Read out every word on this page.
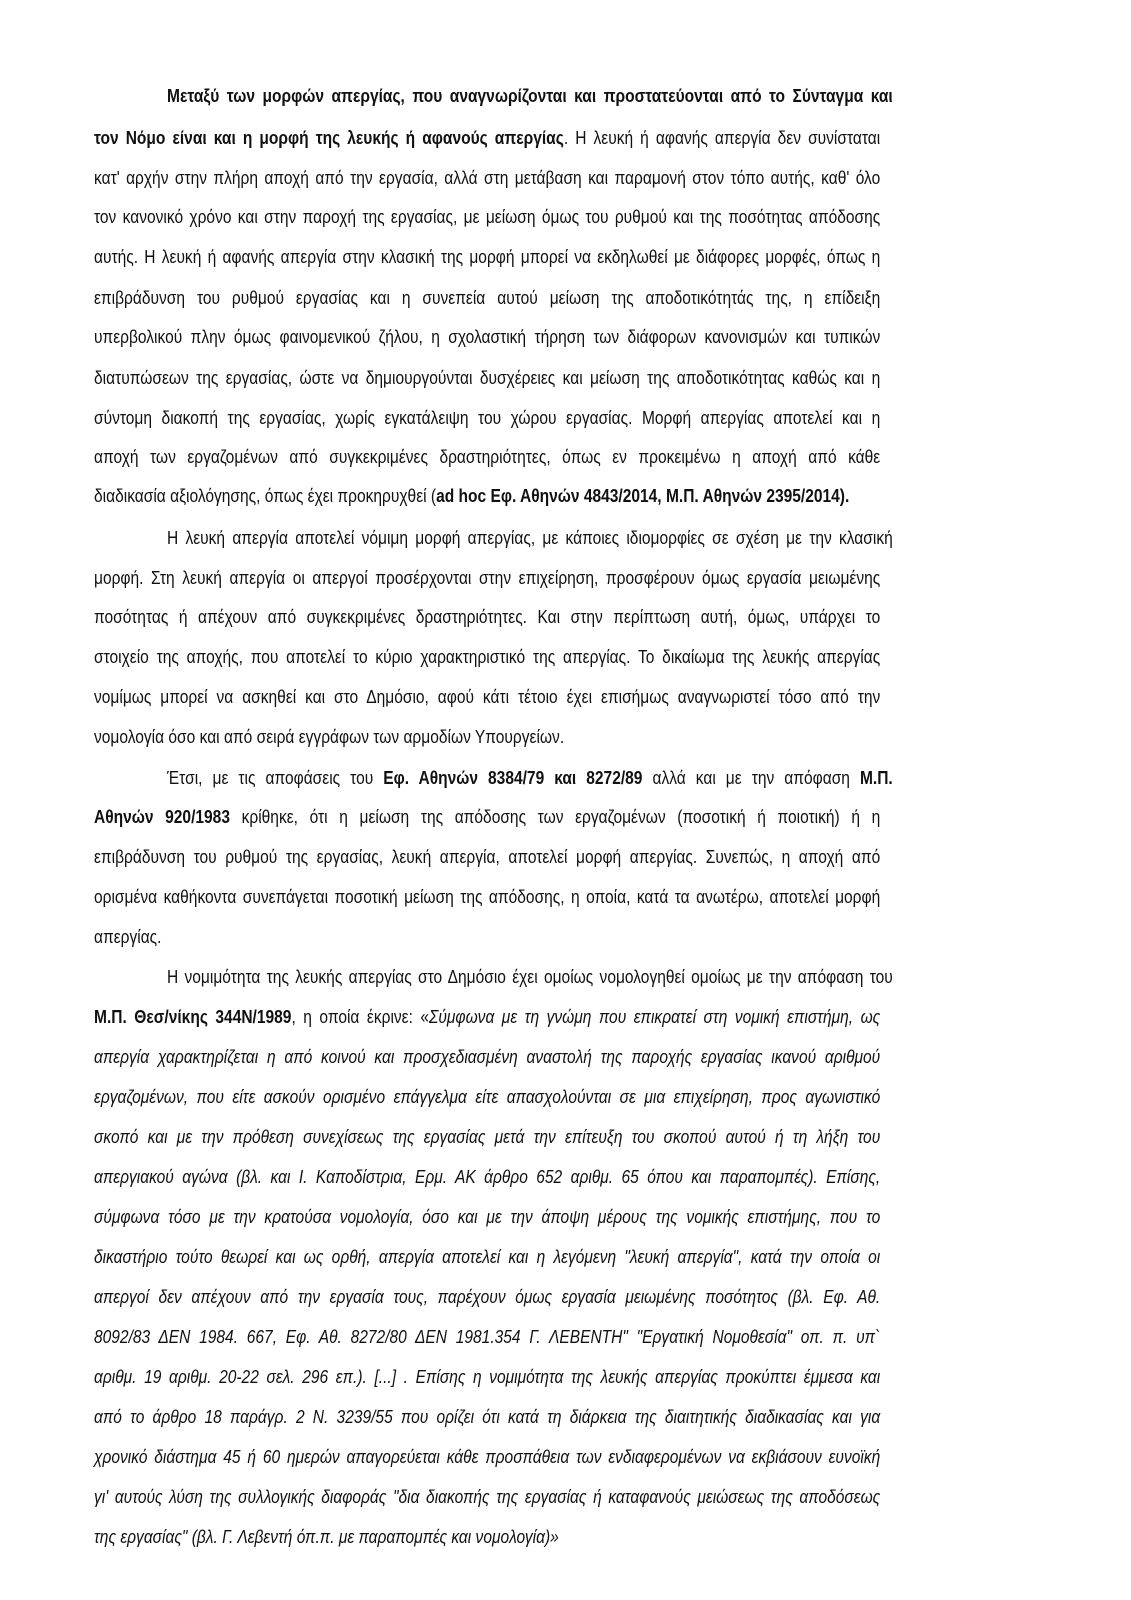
Μεταξύ των μορφών απεργίας, που αναγνωρίζονται και προστατεύονται από το Σύνταγμα και
τον Νόμο είναι και η μορφή της λευκής ή αφανούς απεργίας. Η λευκή ή αφανής απεργία δεν συνίσταται
κατ' αρχήν στην πλήρη αποχή από την εργασία, αλλά στη μετάβαση και παραμονή στον τόπο αυτής, καθ' όλο
τον κανονικό χρόνο και στην παροχή της εργασίας, με μείωση όμως του ρυθμού και της ποσότητας απόδοσης
αυτής. Η λευκή ή αφανής απεργία στην κλασική της μορφή μπορεί να εκδηλωθεί με διάφορες μορφές, όπως η
επιβράδυνση του ρυθμού εργασίας και η συνεπεία αυτού μείωση της αποδοτικότητάς της, η επίδειξη
υπερβολικού πλην όμως φαινομενικού ζήλου, η σχολαστική τήρηση των διάφορων κανονισμών και τυπικών
διατυπώσεων της εργασίας, ώστε να δημιουργούνται δυσχέρειες και μείωση της αποδοτικότητας καθώς και η
σύντομη διακοπή της εργασίας, χωρίς εγκατάλειψη του χώρου εργασίας. Μορφή απεργίας αποτελεί και η
αποχή των εργαζομένων από συγκεκριμένες δραστηριότητες, όπως εν προκειμένω η αποχή από κάθε
διαδικασία αξιολόγησης, όπως έχει προκηρυχθεί (ad hoc Εφ. Αθηνών 4843/2014, Μ.Π. Αθηνών 2395/2014).
Η λευκή απεργία αποτελεί νόμιμη μορφή απεργίας, με κάποιες ιδιομορφίες σε σχέση με την κλασική
μορφή. Στη λευκή απεργία οι απεργοί προσέρχονται στην επιχείρηση, προσφέρουν όμως εργασία μειωμένης
ποσότητας ή απέχουν από συγκεκριμένες δραστηριότητες. Και στην περίπτωση αυτή, όμως, υπάρχει το
στοιχείο της αποχής, που αποτελεί το κύριο χαρακτηριστικό της απεργίας. Το δικαίωμα της λευκής απεργίας
νομίμως μπορεί να ασκηθεί και στο Δημόσιο, αφού κάτι τέτοιο έχει επισήμως αναγνωριστεί τόσο από την
νομολογία όσο και από σειρά εγγράφων των αρμοδίων Υπουργείων.
Έτσι, με τις αποφάσεις του Εφ. Αθηνών 8384/79 και 8272/89 αλλά και με την απόφαση Μ.Π.
Αθηνών 920/1983 κρίθηκε, ότι η μείωση της απόδοσης των εργαζομένων (ποσοτική ή ποιοτική) ή η
επιβράδυνση του ρυθμού της εργασίας, λευκή απεργία, αποτελεί μορφή απεργίας. Συνεπώς, η αποχή από
ορισμένα καθήκοντα συνεπάγεται ποσοτική μείωση της απόδοσης, η οποία, κατά τα ανωτέρω, αποτελεί μορφή
απεργίας.
Η νομιμότητα της λευκής απεργίας στο Δημόσιο έχει ομοίως νομολογηθεί ομοίως με την απόφαση του
Μ.Π. Θεσ/νίκης 344Ν/1989, η οποία έκρινε: «Σύμφωνα με τη γνώμη που επικρατεί στη νομική επιστήμη, ως
απεργία χαρακτηρίζεται η από κοινού και προσχεδιασμένη αναστολή της παροχής εργασίας ικανού αριθμού
εργαζομένων, που είτε ασκούν ορισμένο επάγγελμα είτε απασχολούνται σε μια επιχείρηση, προς αγωνιστικό
σκοπό και με την πρόθεση συνεχίσεως της εργασίας μετά την επίτευξη του σκοπού αυτού ή τη λήξη του
απεργιακού αγώνα (βλ. και Ι. Καποδίστρια, Ερμ. ΑΚ άρθρο 652 αριθμ. 65 όπου και παραπομπές). Επίσης,
σύμφωνα τόσο με την κρατούσα νομολογία, όσο και με την άποψη μέρους της νομικής επιστήμης, που το
δικαστήριο τούτο θεωρεί και ως ορθή, απεργία αποτελεί και η λεγόμενη "λευκή απεργία", κατά την οποία οι
απεργοί δεν απέχουν από την εργασία τους, παρέχουν όμως εργασία μειωμένης ποσότητος (βλ. Εφ. Αθ.
8092/83 ΔΕΝ 1984. 667, Εφ. Αθ. 8272/80 ΔΕΝ 1981.354 Γ. ΛΕΒΕΝΤΗ" "Εργατική Νομοθεσία" οπ. π. υπ`
αριθμ. 19 αριθμ. 20-22 σελ. 296 επ.). [...] . Επίσης η νομιμότητα της λευκής απεργίας προκύπτει έμμεσα και
από το άρθρο 18 παράγρ. 2 Ν. 3239/55 που ορίζει ότι κατά τη διάρκεια της διαιτητικής διαδικασίας και για
χρονικό διάστημα 45 ή 60 ημερών απαγορεύεται κάθε προσπάθεια των ενδιαφερομένων να εκβιάσουν ευνοϊκή
γι' αυτούς λύση της συλλογικής διαφοράς "δια διακοπής της εργασίας ή καταφανούς μειώσεως της αποδόσεως
της εργασίας" (βλ. Γ. Λεβεντή όπ.π. με παραπομπές και νομολογία)»
